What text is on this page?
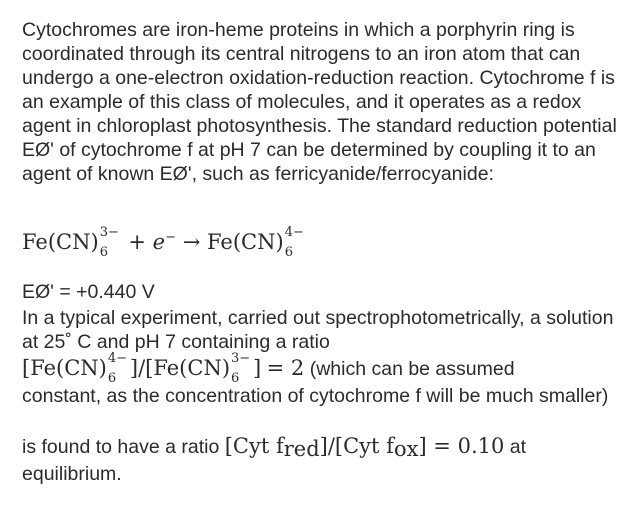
Cytochromes are iron-heme proteins in which a porphyrin ring is coordinated through its central nitrogens to an iron atom that can undergo a one-electron oxidation-reduction reaction. Cytochrome f is an example of this class of molecules, and it operates as a redox agent in chloroplast photosynthesis. The standard reduction potential EØ' of cytochrome f at pH 7 can be determined by coupling it to an agent of known EØ', such as ferricyanide/ferrocyanide:

Fe(CN) 3−
6 + e− → Fe(CN) 4−
6

EØ' = +0.440 V

In a typical experiment, carried out spectrophotometrically, a solution at 25˚ C and pH 7 containing a ratio

[Fe(CN) 4−
6 ]/[Fe(CN) 3−
6 ] = 2 (which can be assumed

constant, as the concentration of cytochrome f will be much smaller)

is found to have a ratio [Cyt fred]/[Cyt fox] = 0.10 at

equilibrium.
